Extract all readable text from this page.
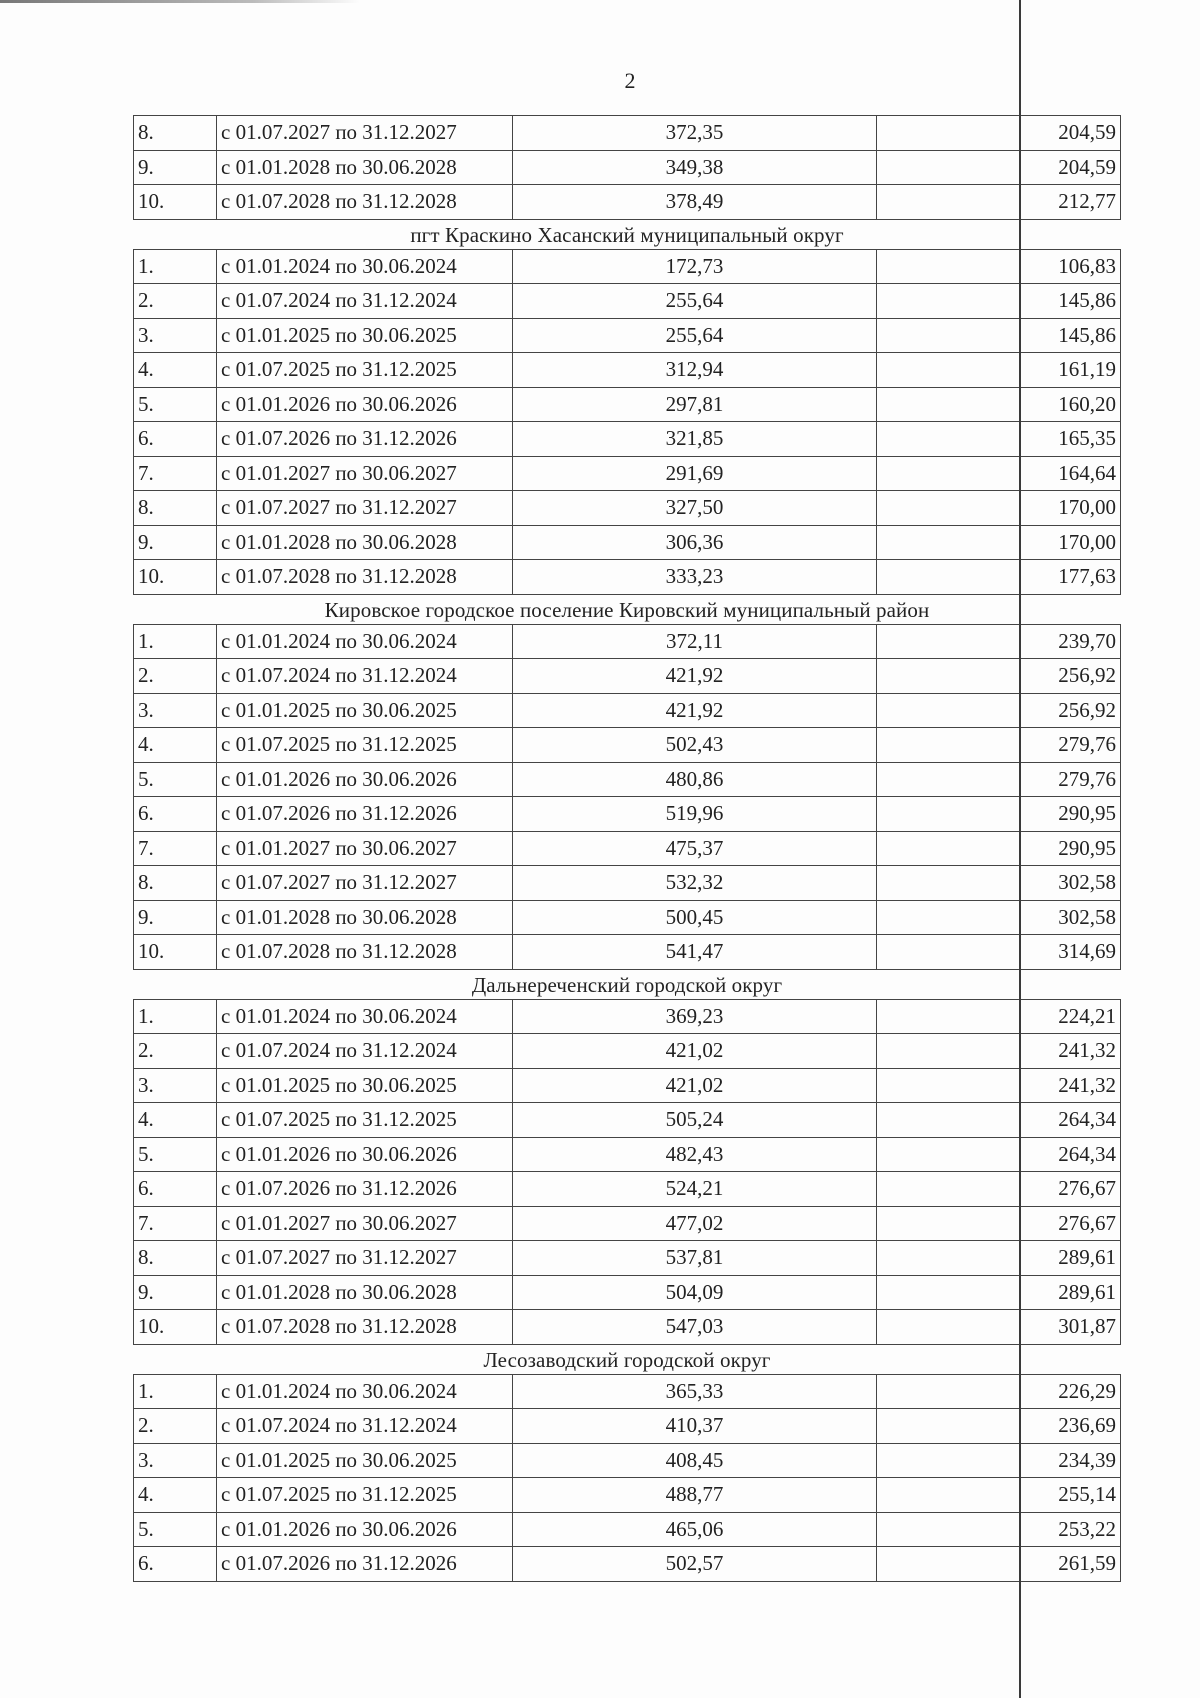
2
8.	с 01.07.2027 по 31.12.2027	372,35	204,59
9.	с 01.01.2028 по 30.06.2028	349,38	204,59
10.	с 01.07.2028 по 31.12.2028	378,49	212,77
пгт Краскино Хасанский муниципальный округ			
1.	с 01.01.2024 по 30.06.2024	172,73	106,83
2.	с 01.07.2024 по 31.12.2024	255,64	145,86
3.	с 01.01.2025 по 30.06.2025	255,64	145,86
4.	с 01.07.2025 по 31.12.2025	312,94	161,19
5.	с 01.01.2026 по 30.06.2026	297,81	160,20
6.	с 01.07.2026 по 31.12.2026	321,85	165,35
7.	с 01.01.2027 по 30.06.2027	291,69	164,64
8.	с 01.07.2027 по 31.12.2027	327,50	170,00
9.	с 01.01.2028 по 30.06.2028	306,36	170,00
10.	с 01.07.2028 по 31.12.2028	333,23	177,63
Кировское городское поселение Кировский муниципальный район			
1.	с 01.01.2024 по 30.06.2024	372,11	239,70
2.	с 01.07.2024 по 31.12.2024	421,92	256,92
3.	с 01.01.2025 по 30.06.2025	421,92	256,92
4.	с 01.07.2025 по 31.12.2025	502,43	279,76
5.	с 01.01.2026 по 30.06.2026	480,86	279,76
6.	с 01.07.2026 по 31.12.2026	519,96	290,95
7.	с 01.01.2027 по 30.06.2027	475,37	290,95
8.	с 01.07.2027 по 31.12.2027	532,32	302,58
9.	с 01.01.2028 по 30.06.2028	500,45	302,58
10.	с 01.07.2028 по 31.12.2028	541,47	314,69
Дальнереченский городской округ			
1.	с 01.01.2024 по 30.06.2024	369,23	224,21
2.	с 01.07.2024 по 31.12.2024	421,02	241,32
3.	с 01.01.2025 по 30.06.2025	421,02	241,32
4.	с 01.07.2025 по 31.12.2025	505,24	264,34
5.	с 01.01.2026 по 30.06.2026	482,43	264,34
6.	с 01.07.2026 по 31.12.2026	524,21	276,67
7.	с 01.01.2027 по 30.06.2027	477,02	276,67
8.	с 01.07.2027 по 31.12.2027	537,81	289,61
9.	с 01.01.2028 по 30.06.2028	504,09	289,61
10.	с 01.07.2028 по 31.12.2028	547,03	301,87
Лесозаводский городской округ			
1.	с 01.01.2024 по 30.06.2024	365,33	226,29
2.	с 01.07.2024 по 31.12.2024	410,37	236,69
3.	с 01.01.2025 по 30.06.2025	408,45	234,39
4.	с 01.07.2025 по 31.12.2025	488,77	255,14
5.	с 01.01.2026 по 30.06.2026	465,06	253,22
6.	с 01.07.2026 по 31.12.2026	502,57	261,59
